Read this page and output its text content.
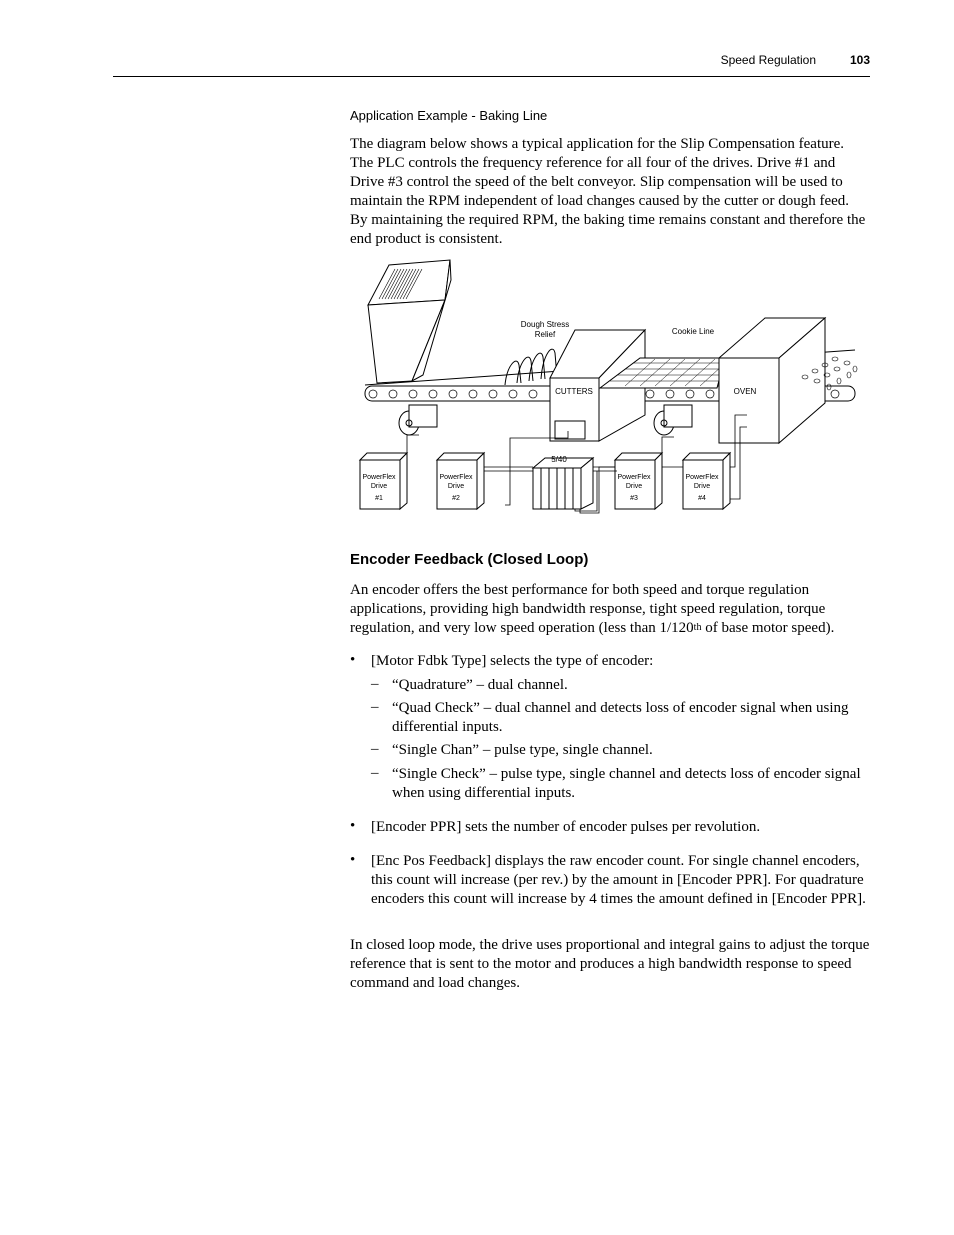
Speed Regulation	103
Application Example - Baking Line

The diagram below shows a typical application for the Slip Compensation feature. The PLC controls the frequency reference for all four of the drives. Drive #1 and Drive #3 control the speed of the belt conveyor. Slip compensation will be used to maintain the RPM independent of load changes caused by the cutter or dough feed. By maintaining the required RPM, the baking time remains constant and therefore the end product is consistent.

Dough Stress
Relief
CUTTERS
Cookie Line
OVEN
5/40
PowerFlex
Drive
#1
PowerFlex
Drive
#2
PowerFlex
Drive
#3
PowerFlex
Drive
#4
Encoder Feedback (Closed Loop)

An encoder offers the best performance for both speed and torque regulation applications, providing high bandwidth response, tight speed regulation, torque regulation, and very low speed operation (less than 1/120th of base motor speed).

• [Motor Fdbk Type] selects the type of encoder:
– “Quadrature” – dual channel.
– “Quad Check” – dual channel and detects loss of encoder signal when using differential inputs.
– “Single Chan” – pulse type, single channel.
– “Single Check” – pulse type, single channel and detects loss of encoder signal when using differential inputs.
• [Encoder PPR] sets the number of encoder pulses per revolution.
• [Enc Pos Feedback] displays the raw encoder count. For single channel encoders, this count will increase (per rev.) by the amount in [Encoder PPR]. For quadrature encoders this count will increase by 4 times the amount defined in [Encoder PPR].

In closed loop mode, the drive uses proportional and integral gains to adjust the torque reference that is sent to the motor and produces a high bandwidth response to speed command and load changes.
